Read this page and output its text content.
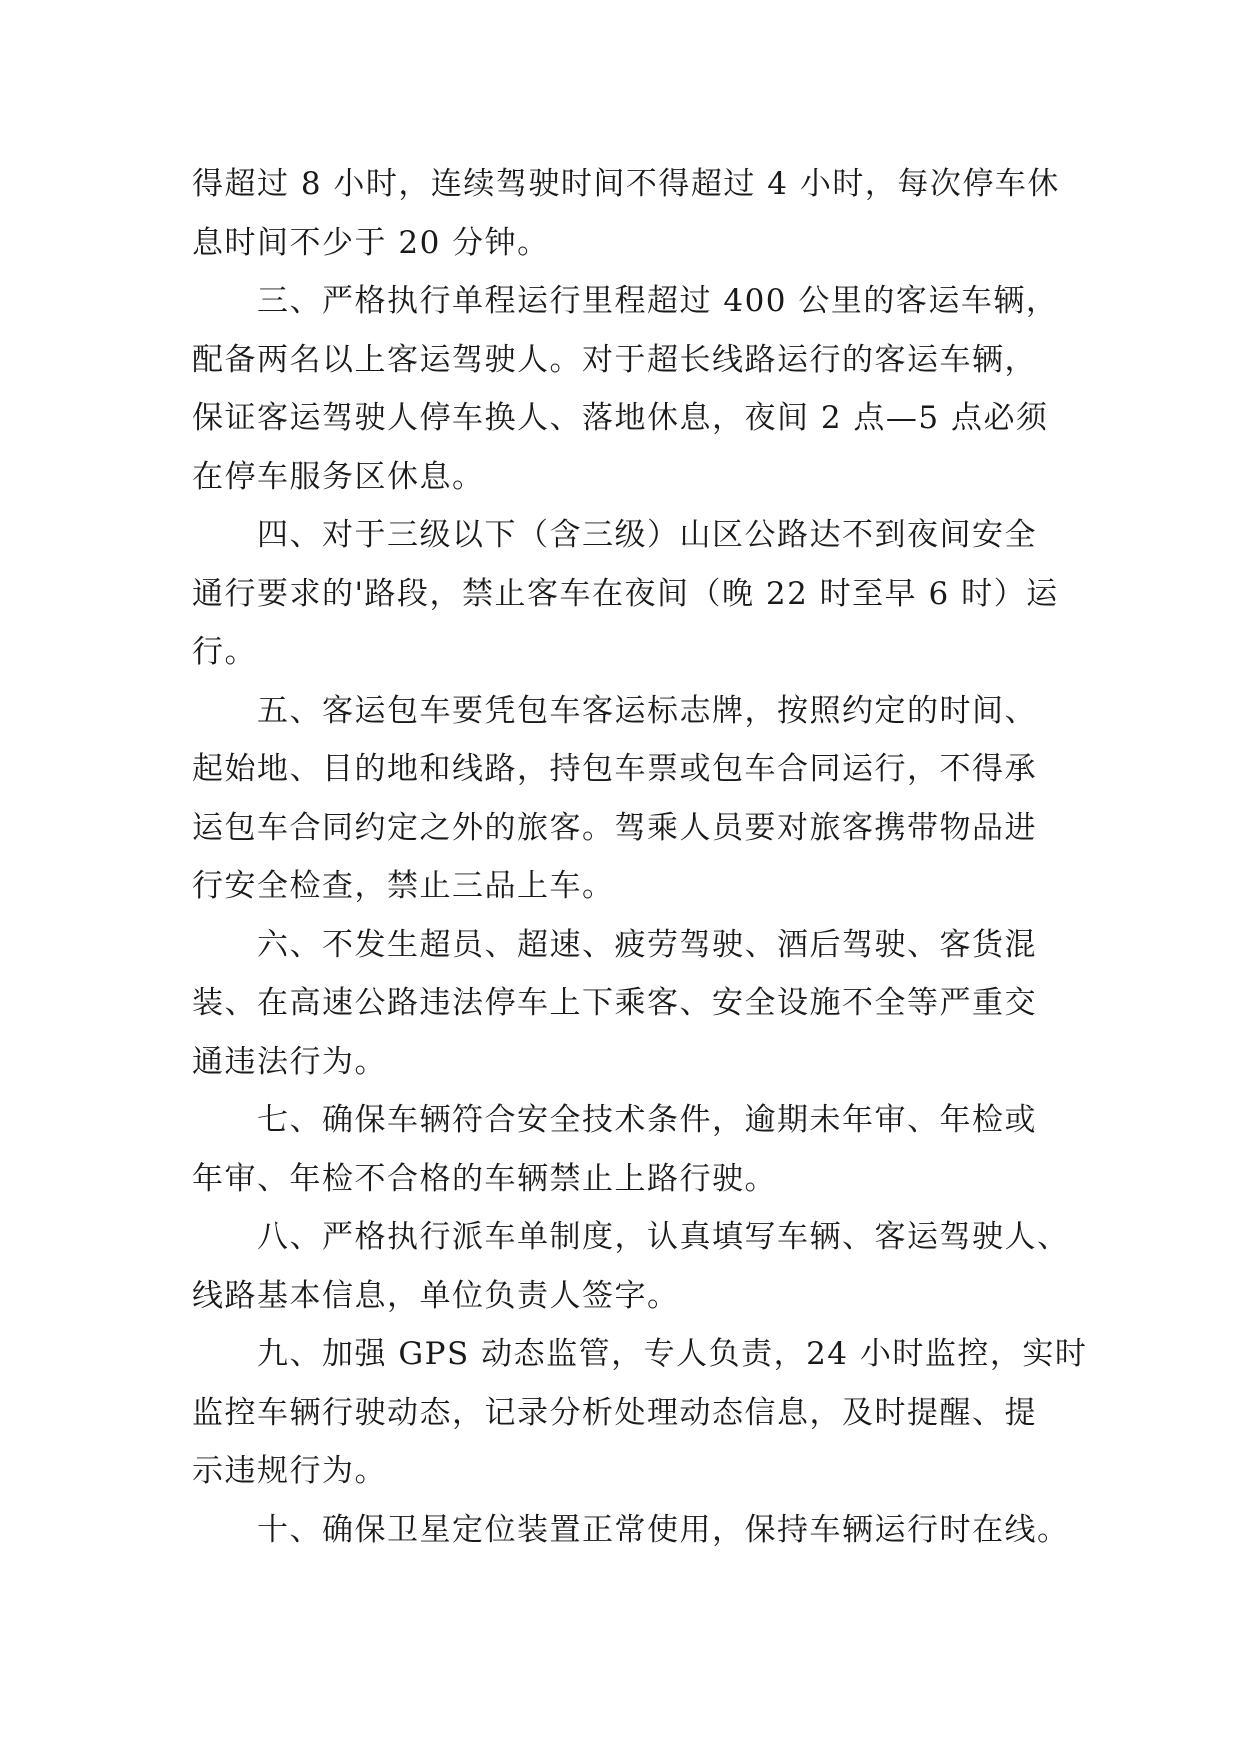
得超过 8 小时，连续驾驶时间不得超过 4 小时，每次停车休
息时间不少于 20 分钟。
　　三、严格执行单程运行里程超过 400 公里的客运车辆，
配备两名以上客运驾驶人。对于超长线路运行的客运车辆，
保证客运驾驶人停车换人、落地休息，夜间 2 点—5 点必须
在停车服务区休息。
　　四、对于三级以下（含三级）山区公路达不到夜间安全
通行要求的'路段，禁止客车在夜间（晚 22 时至早 6 时）运
行。
　　五、客运包车要凭包车客运标志牌，按照约定的时间、
起始地、目的地和线路，持包车票或包车合同运行，不得承
运包车合同约定之外的旅客。驾乘人员要对旅客携带物品进
行安全检查，禁止三品上车。
　　六、不发生超员、超速、疲劳驾驶、酒后驾驶、客货混
装、在高速公路违法停车上下乘客、安全设施不全等严重交
通违法行为。
　　七、确保车辆符合安全技术条件，逾期未年审、年检或
年审、年检不合格的车辆禁止上路行驶。
　　八、严格执行派车单制度，认真填写车辆、客运驾驶人、
线路基本信息，单位负责人签字。
　　九、加强 GPS 动态监管，专人负责，24 小时监控，实时
监控车辆行驶动态，记录分析处理动态信息，及时提醒、提
示违规行为。
　　十、确保卫星定位装置正常使用，保持车辆运行时在线。
